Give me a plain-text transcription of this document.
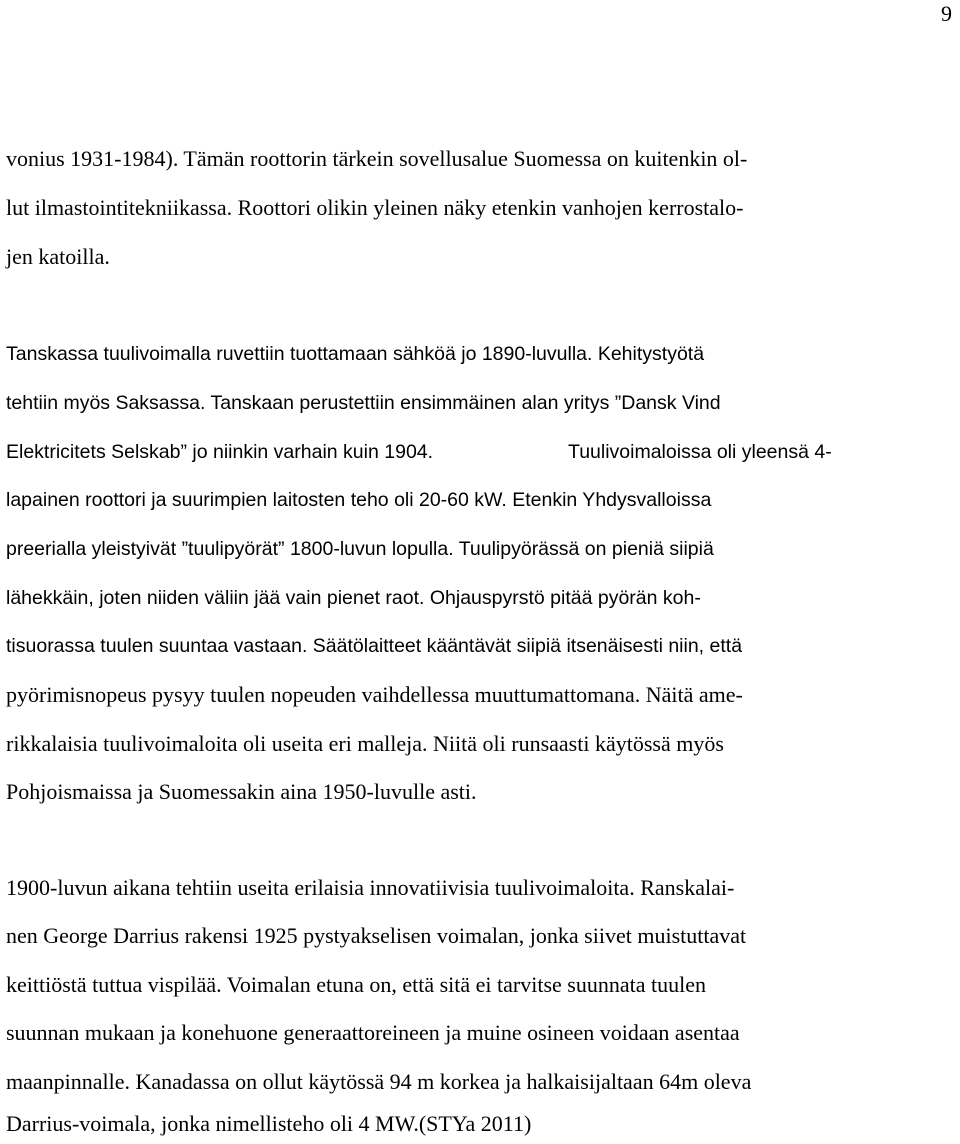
9
vonius 1931-1984). Tämän roottorin tärkein sovellusalue Suomessa on kuitenkin ol-
lut ilmastointitekniikassa. Roottori olikin yleinen näky etenkin vanhojen kerrostalo-
jen katoilla.
Tanskassa tuulivoimalla ruvettiin tuottamaan sähköä jo 1890-luvulla. Kehitystyötä
tehtiin myös Saksassa. Tanskaan perustettiin ensimmäinen alan yritys ”Dansk Vind
Elektricitets Selskab” jo niinkin varhain kuin 1904.	Tuulivoimaloissa oli yleensä 4-
lapainen roottori ja suurimpien laitosten teho oli 20-60 kW. Etenkin Yhdysvalloissa
preerialla yleistyivät ”tuulipyörät” 1800-luvun lopulla. Tuulipyörässä on pieniä siipiä
lähekkäin, joten niiden väliin jää vain pienet raot. Ohjauspyrstö pitää pyörän koh-
tisuorassa tuulen suuntaa vastaan. Säätölaitteet kääntävät siipiä itsenäisesti niin, että
pyörimisnopeus pysyy tuulen nopeuden vaihdellessa muuttumattomana. Näitä ame-
rikkalaisia tuulivoimaloita oli useita eri malleja. Niitä oli runsaasti käytössä myös
Pohjoismaissa ja Suomessakin aina 1950-luvulle asti.
1900-luvun aikana tehtiin useita erilaisia innovatiivisia tuulivoimaloita. Ranskalai-
nen George Darrius rakensi 1925 pystyakselisen voimalan, jonka siivet muistuttavat
keittiöstä tuttua vispilää. Voimalan etuna on, että sitä ei tarvitse suunnata tuulen
suunnan mukaan ja konehuone generaattoreineen ja muine osineen voidaan asentaa
maanpinnalle. Kanadassa on ollut käytössä 94 m korkea ja halkaisijaltaan 64m oleva
Darrius-voimala, jonka nimellisteho oli 4 MW.(STYa 2011)
